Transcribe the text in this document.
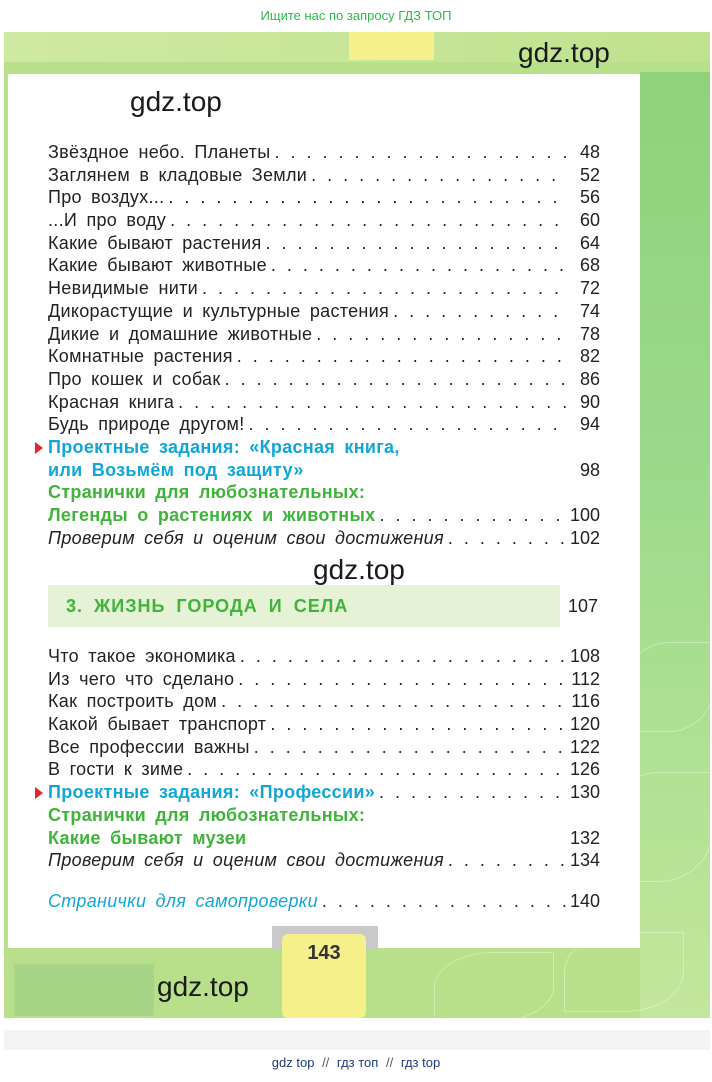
Ищите нас по запросу ГДЗ ТОП
gdz.top
gdz.top
Звёздное небо. Планеты . . .	48
Заглянем в кладовые Земли . . .	52
Про воздух... . . .	56
...И про воду . . .	60
Какие бывают растения . . .	64
Какие бывают животные . . .	68
Невидимые нити . . .	72
Дикорастущие и культурные растения . . .	74
Дикие и домашние животные . . .	78
Комнатные растения . . .	82
Про кошек и собак . . .	86
Красная книга . . .	90
Будь природе другом! . . .	94
Проектные задания: «Красная книга,
или Возьмём под защиту»	98
Странички для любознательных:
Легенды о растениях и животных . . .	100
Проверим себя и оценим свои достижения . . .	102
gdz.top
3. ЖИЗНЬ ГОРОДА И СЕЛА	107
Что такое экономика . . .	108
Из чего что сделано . . .	112
Как построить дом . . .	116
Какой бывает транспорт . . .	120
Все профессии важны . . .	122
В гости к зиме . . .	126
Проектные задания: «Профессии» . . .	130
Странички для любознательных:
Какие бывают музеи	132
Проверим себя и оценим свои достижения . . .	134
Странички для самопроверки . . .	140
143
gdz.top
gdz top // гдз топ // гдз top
